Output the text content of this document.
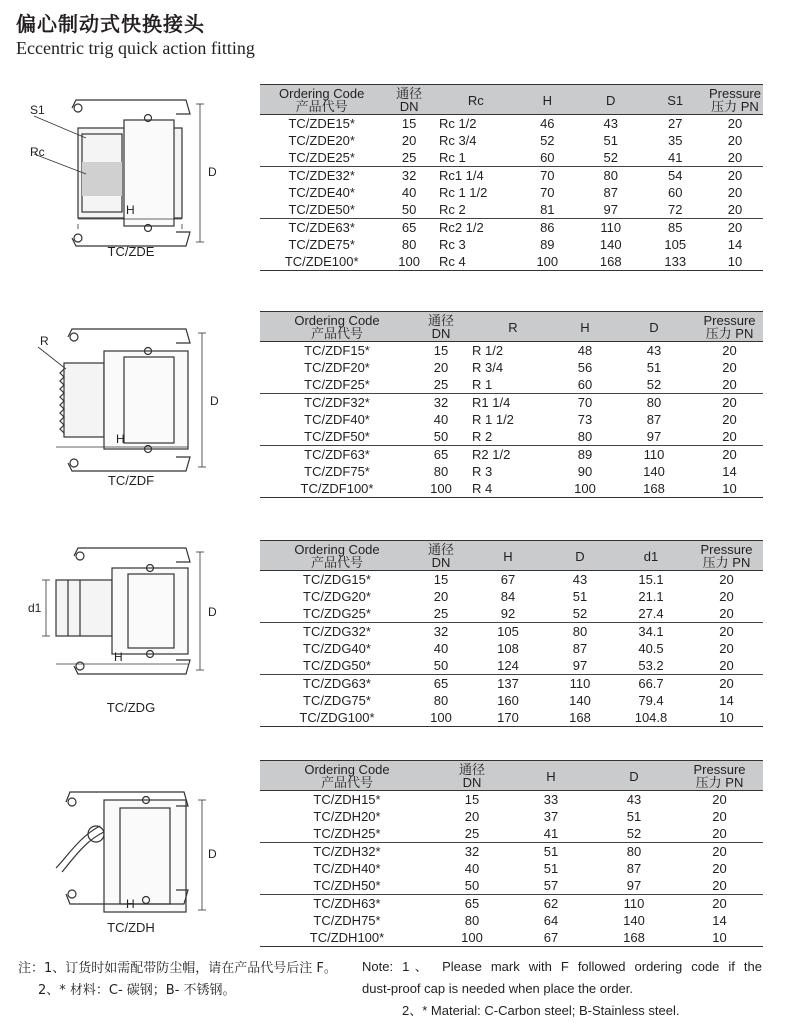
偏心制动式快换接头
Eccentric trig quick action fitting
S1
Rc
D
H
TC/ZDE
Ordering Code
产品代号	通径
DN	Rc	H	D	S1	Pressure
压力 PN
TC/ZDE15*	15	Rc 1/2	46	43	27	20
TC/ZDE20*	20	Rc 3/4	52	51	35	20
TC/ZDE25*	25	Rc 1	60	52	41	20
TC/ZDE32*	32	Rc1 1/4	70	80	54	20
TC/ZDE40*	40	Rc 1 1/2	70	87	60	20
TC/ZDE50*	50	Rc 2	81	97	72	20
TC/ZDE63*	65	Rc2 1/2	86	110	85	20
TC/ZDE75*	80	Rc 3	89	140	105	14
TC/ZDE100*	100	Rc 4	100	168	133	10
R
D
H
TC/ZDF
Ordering Code
产品代号	通径
DN	R	H	D	Pressure
压力 PN
TC/ZDF15*	15	R 1/2	48	43	20
TC/ZDF20*	20	R 3/4	56	51	20
TC/ZDF25*	25	R 1	60	52	20
TC/ZDF32*	32	R1 1/4	70	80	20
TC/ZDF40*	40	R 1 1/2	73	87	20
TC/ZDF50*	50	R 2	80	97	20
TC/ZDF63*	65	R2 1/2	89	110	20
TC/ZDF75*	80	R 3	90	140	14
TC/ZDF100*	100	R 4	100	168	10
d1	D
H
TC/ZDG
Ordering Code
产品代号	通径
DN	H	D	d1	Pressure
压力 PN
TC/ZDG15*	15	67	43	15.1	20
TC/ZDG20*	20	84	51	21.1	20
TC/ZDG25*	25	92	52	27.4	20
TC/ZDG32*	32	105	80	34.1	20
TC/ZDG40*	40	108	87	40.5	20
TC/ZDG50*	50	124	97	53.2	20
TC/ZDG63*	65	137	110	66.7	20
TC/ZDG75*	80	160	140	79.4	14
TC/ZDG100*	100	170	168	104.8	10
D
H
TC/ZDH
Ordering Code
产品代号	通径
DN	H	D	Pressure
压力 PN
TC/ZDH15*	15	33	43	20
TC/ZDH20*	20	37	51	20
TC/ZDH25*	25	41	52	20
TC/ZDH32*	32	51	80	20
TC/ZDH40*	40	51	87	20
TC/ZDH50*	50	57	97	20
TC/ZDH63*	65	62	110	20
TC/ZDH75*	80	64	140	14
TC/ZDH100*	100	67	168	10
注：1、订货时如需配带防尘帽，请在产品代号后注 F。
2、* 材料：C- 碳钢；B- 不锈钢。
Note: 1、 Please mark with F followed ordering code if the
dust-proof cap is needed when place the order.
2、* Material: C-Carbon steel; B-Stainless steel.
